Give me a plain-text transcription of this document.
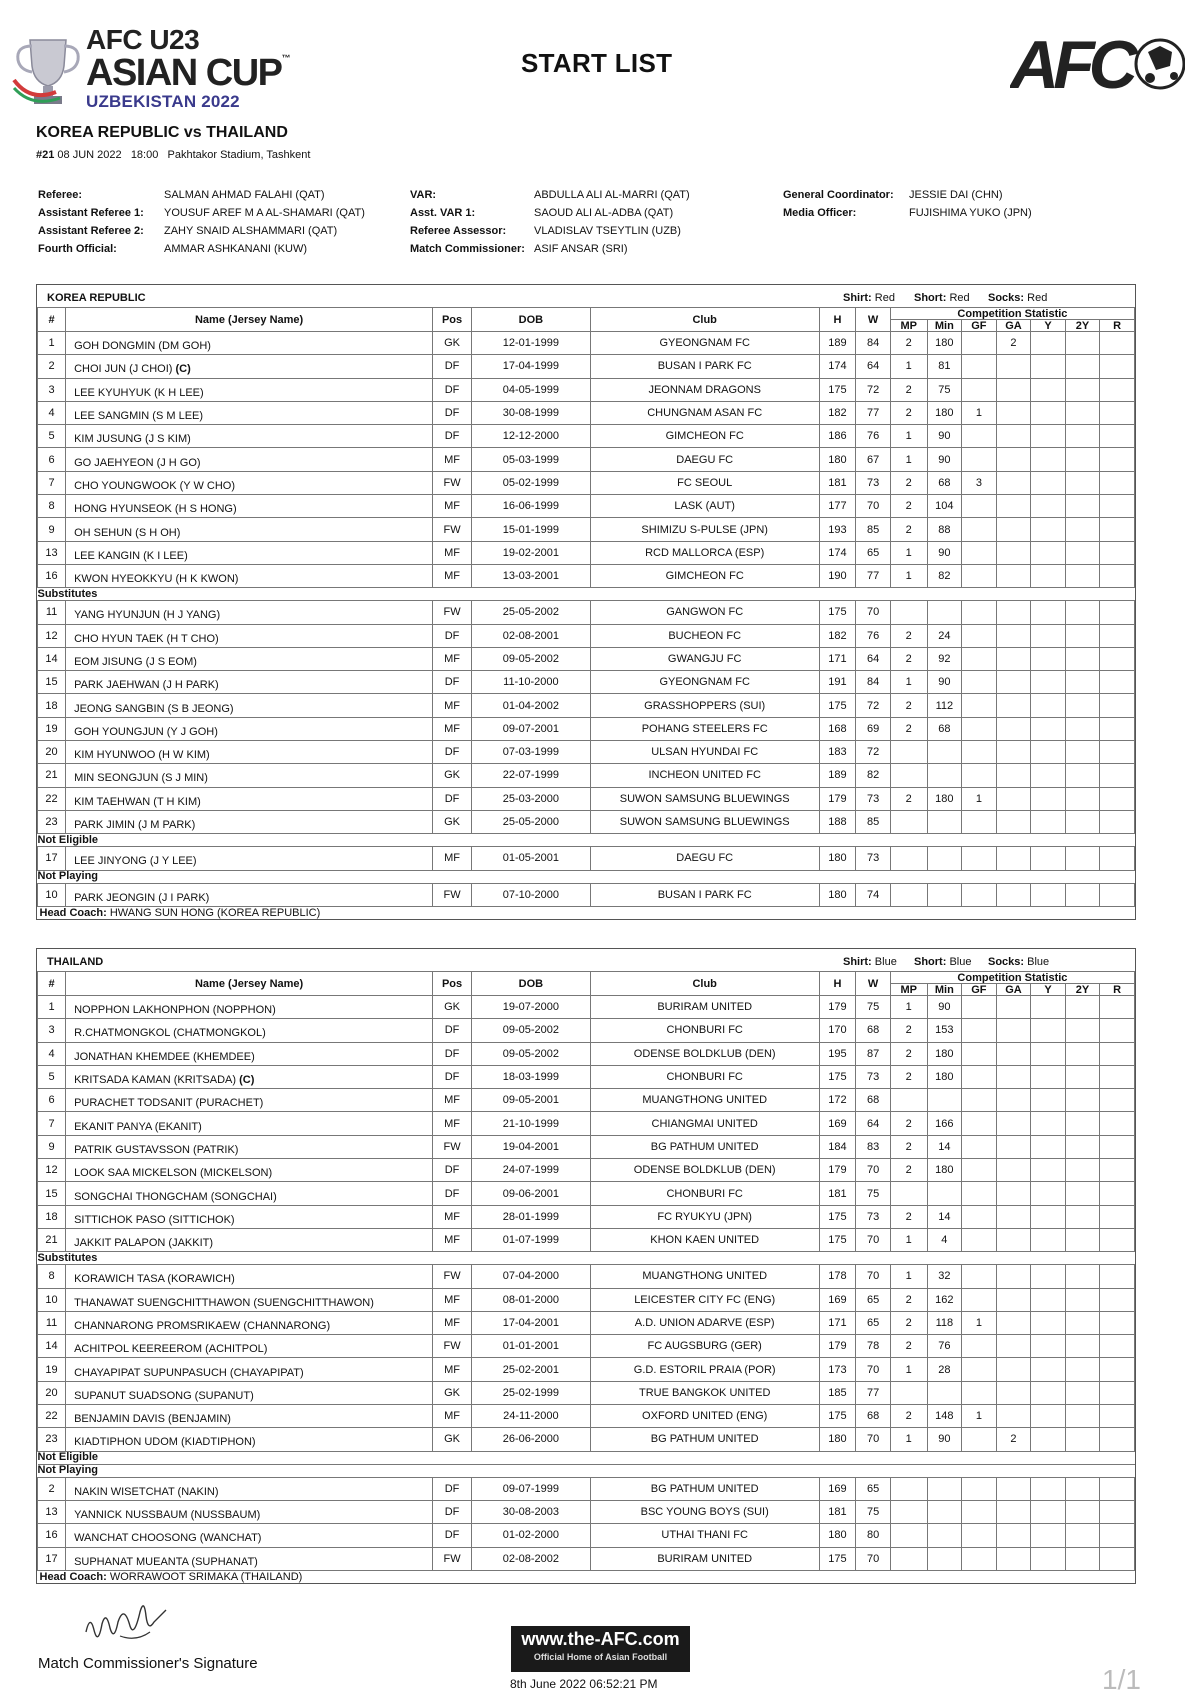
AFC U23
ASIAN CUP™
UZBEKISTAN 2022
START LIST	AFC
KOREA REPUBLIC vs THAILAND
#21 08 JUN 2022 18:00 Pakhtakor Stadium, Tashkent
Referee:	SALMAN AHMAD FALAHI (QAT)
Assistant Referee 1: YOUSUF AREF M A AL-SHAMARI (QAT)
Assistant Referee 2: ZAHY SNAID ALSHAMMARI (QAT)
Fourth Official:	AMMAR ASHKANANI (KUW)
VAR:	ABDULLA ALI AL-MARRI (QAT)
Asst. VAR 1:	SAOUD ALI AL-ADBA (QAT)
Referee Assessor:	VLADISLAV TSEYTLIN (UZB)
Match Commissioner: ASIF ANSAR (SRI)
General Coordinator: JESSIE DAI (CHN)
Media Officer:	FUJISHIMA YUKO (JPN)
KOREA REPUBLIC	Shirt: Red Short: Red Socks: Red
#	Name (Jersey Name)	Pos	DOB	Club	H	W	Competition Statistic						
							MP	Min	GF	GA	Y	2Y	R
1	GOH DONGMIN (DM GOH)	GK	12-01-1999	GYEONGNAM FC	189	84	2	180		2			
2	CHOI JUN (J CHOI) (C)	DF	17-04-1999	BUSAN I PARK FC	174	64	1	81					
3	LEE KYUHYUK (K H LEE)	DF	04-05-1999	JEONNAM DRAGONS	175	72	2	75					
4	LEE SANGMIN (S M LEE)	DF	30-08-1999	CHUNGNAM ASAN FC	182	77	2	180	1				
5	KIM JUSUNG (J S KIM)	DF	12-12-2000	GIMCHEON FC	186	76	1	90					
6	GO JAEHYEON (J H GO)	MF	05-03-1999	DAEGU FC	180	67	1	90					
7	CHO YOUNGWOOK (Y W CHO)	FW	05-02-1999	FC SEOUL	181	73	2	68	3				
8	HONG HYUNSEOK (H S HONG)	MF	16-06-1999	LASK (AUT)	177	70	2	104					
9	OH SEHUN (S H OH)	FW	15-01-1999	SHIMIZU S-PULSE (JPN)	193	85	2	88					
13	LEE KANGIN (K I LEE)	MF	19-02-2001	RCD MALLORCA (ESP)	174	65	1	90					
16	KWON HYEOKKYU (H K KWON)	MF	13-03-2001	GIMCHEON FC	190	77	1	82					
Substitutes													
11	YANG HYUNJUN (H J YANG)	FW	25-05-2002	GANGWON FC	175	70							
12	CHO HYUN TAEK (H T CHO)	DF	02-08-2001	BUCHEON FC	182	76	2	24					
14	EOM JISUNG (J S EOM)	MF	09-05-2002	GWANGJU FC	171	64	2	92					
15	PARK JAEHWAN (J H PARK)	DF	11-10-2000	GYEONGNAM FC	191	84	1	90					
18	JEONG SANGBIN (S B JEONG)	MF	01-04-2002	GRASSHOPPERS (SUI)	175	72	2	112					
19	GOH YOUNGJUN (Y J GOH)	MF	09-07-2001	POHANG STEELERS FC	168	69	2	68					
20	KIM HYUNWOO (H W KIM)	DF	07-03-1999	ULSAN HYUNDAI FC	183	72							
21	MIN SEONGJUN (S J MIN)	GK	22-07-1999	INCHEON UNITED FC	189	82							
22	KIM TAEHWAN (T H KIM)	DF	25-03-2000	SUWON SAMSUNG BLUEWINGS	179	73	2	180	1				
23	PARK JIMIN (J M PARK)	GK	25-05-2000	SUWON SAMSUNG BLUEWINGS	188	85							
Not Eligible													
17	LEE JINYONG (J Y LEE)	MF	01-05-2001	DAEGU FC	180	73							
Not Playing													
10	PARK JEONGIN (J I PARK)	FW	07-10-2000	BUSAN I PARK FC	180	74							
Head Coach: HWANG SUN HONG (KOREA REPUBLIC)													
THAILAND	Shirt: Blue Short: Blue Socks: Blue
#	Name (Jersey Name)	Pos	DOB	Club	H	W	Competition Statistic						
							MP	Min	GF	GA	Y	2Y	R
1	NOPPHON LAKHONPHON (NOPPHON)	GK	19-07-2000	BURIRAM UNITED	179	75	1	90					
3	R.CHATMONGKOL (CHATMONGKOL)	DF	09-05-2002	CHONBURI FC	170	68	2	153					
4	JONATHAN KHEMDEE (KHEMDEE)	DF	09-05-2002	ODENSE BOLDKLUB (DEN)	195	87	2	180					
5	KRITSADA KAMAN (KRITSADA) (C)	DF	18-03-1999	CHONBURI FC	175	73	2	180					
6	PURACHET TODSANIT (PURACHET)	MF	09-05-2001	MUANGTHONG UNITED	172	68							
7	EKANIT PANYA (EKANIT)	MF	21-10-1999	CHIANGMAI UNITED	169	64	2	166					
9	PATRIK GUSTAVSSON (PATRIK)	FW	19-04-2001	BG PATHUM UNITED	184	83	2	14					
12	LOOK SAA MICKELSON (MICKELSON)	DF	24-07-1999	ODENSE BOLDKLUB (DEN)	179	70	2	180					
15	SONGCHAI THONGCHAM (SONGCHAI)	DF	09-06-2001	CHONBURI FC	181	75							
18	SITTICHOK PASO (SITTICHOK)	MF	28-01-1999	FC RYUKYU (JPN)	175	73	2	14					
21	JAKKIT PALAPON (JAKKIT)	MF	01-07-1999	KHON KAEN UNITED	175	70	1	4					
Substitutes													
8	KORAWICH TASA (KORAWICH)	FW	07-04-2000	MUANGTHONG UNITED	178	70	1	32					
10	THANAWAT SUENGCHITTHAWON (SUENGCHITTHAWON)	MF	08-01-2000	LEICESTER CITY FC (ENG)	169	65	2	162					
11	CHANNARONG PROMSRIKAEW (CHANNARONG)	MF	17-04-2001	A.D. UNION ADARVE (ESP)	171	65	2	118	1				
14	ACHITPOL KEEREEROM (ACHITPOL)	FW	01-01-2001	FC AUGSBURG (GER)	179	78	2	76					
19	CHAYAPIPAT SUPUNPASUCH (CHAYAPIPAT)	MF	25-02-2001	G.D. ESTORIL PRAIA (POR)	173	70	1	28					
20	SUPANUT SUADSONG (SUPANUT)	GK	25-02-1999	TRUE BANGKOK UNITED	185	77							
22	BENJAMIN DAVIS (BENJAMIN)	MF	24-11-2000	OXFORD UNITED (ENG)	175	68	2	148	1				
23	KIADTIPHON UDOM (KIADTIPHON)	GK	26-06-2000	BG PATHUM UNITED	180	70	1	90		2			
Not Eligible													
Not Playing													
2	NAKIN WISETCHAT (NAKIN)	DF	09-07-1999	BG PATHUM UNITED	169	65							
13	YANNICK NUSSBAUM (NUSSBAUM)	DF	30-08-2003	BSC YOUNG BOYS (SUI)	181	75							
16	WANCHAT CHOOSONG (WANCHAT)	DF	01-02-2000	UTHAI THANI FC	180	80							
17	SUPHANAT MUEANTA (SUPHANAT)	FW	02-08-2002	BURIRAM UNITED	175	70							
Head Coach: WORRAWOOT SRIMAKA (THAILAND)													
Match Commissioner's Signature
www.the-AFC.com
Official Home of Asian Football
8th June 2022 06:52:21 PM	1/1
